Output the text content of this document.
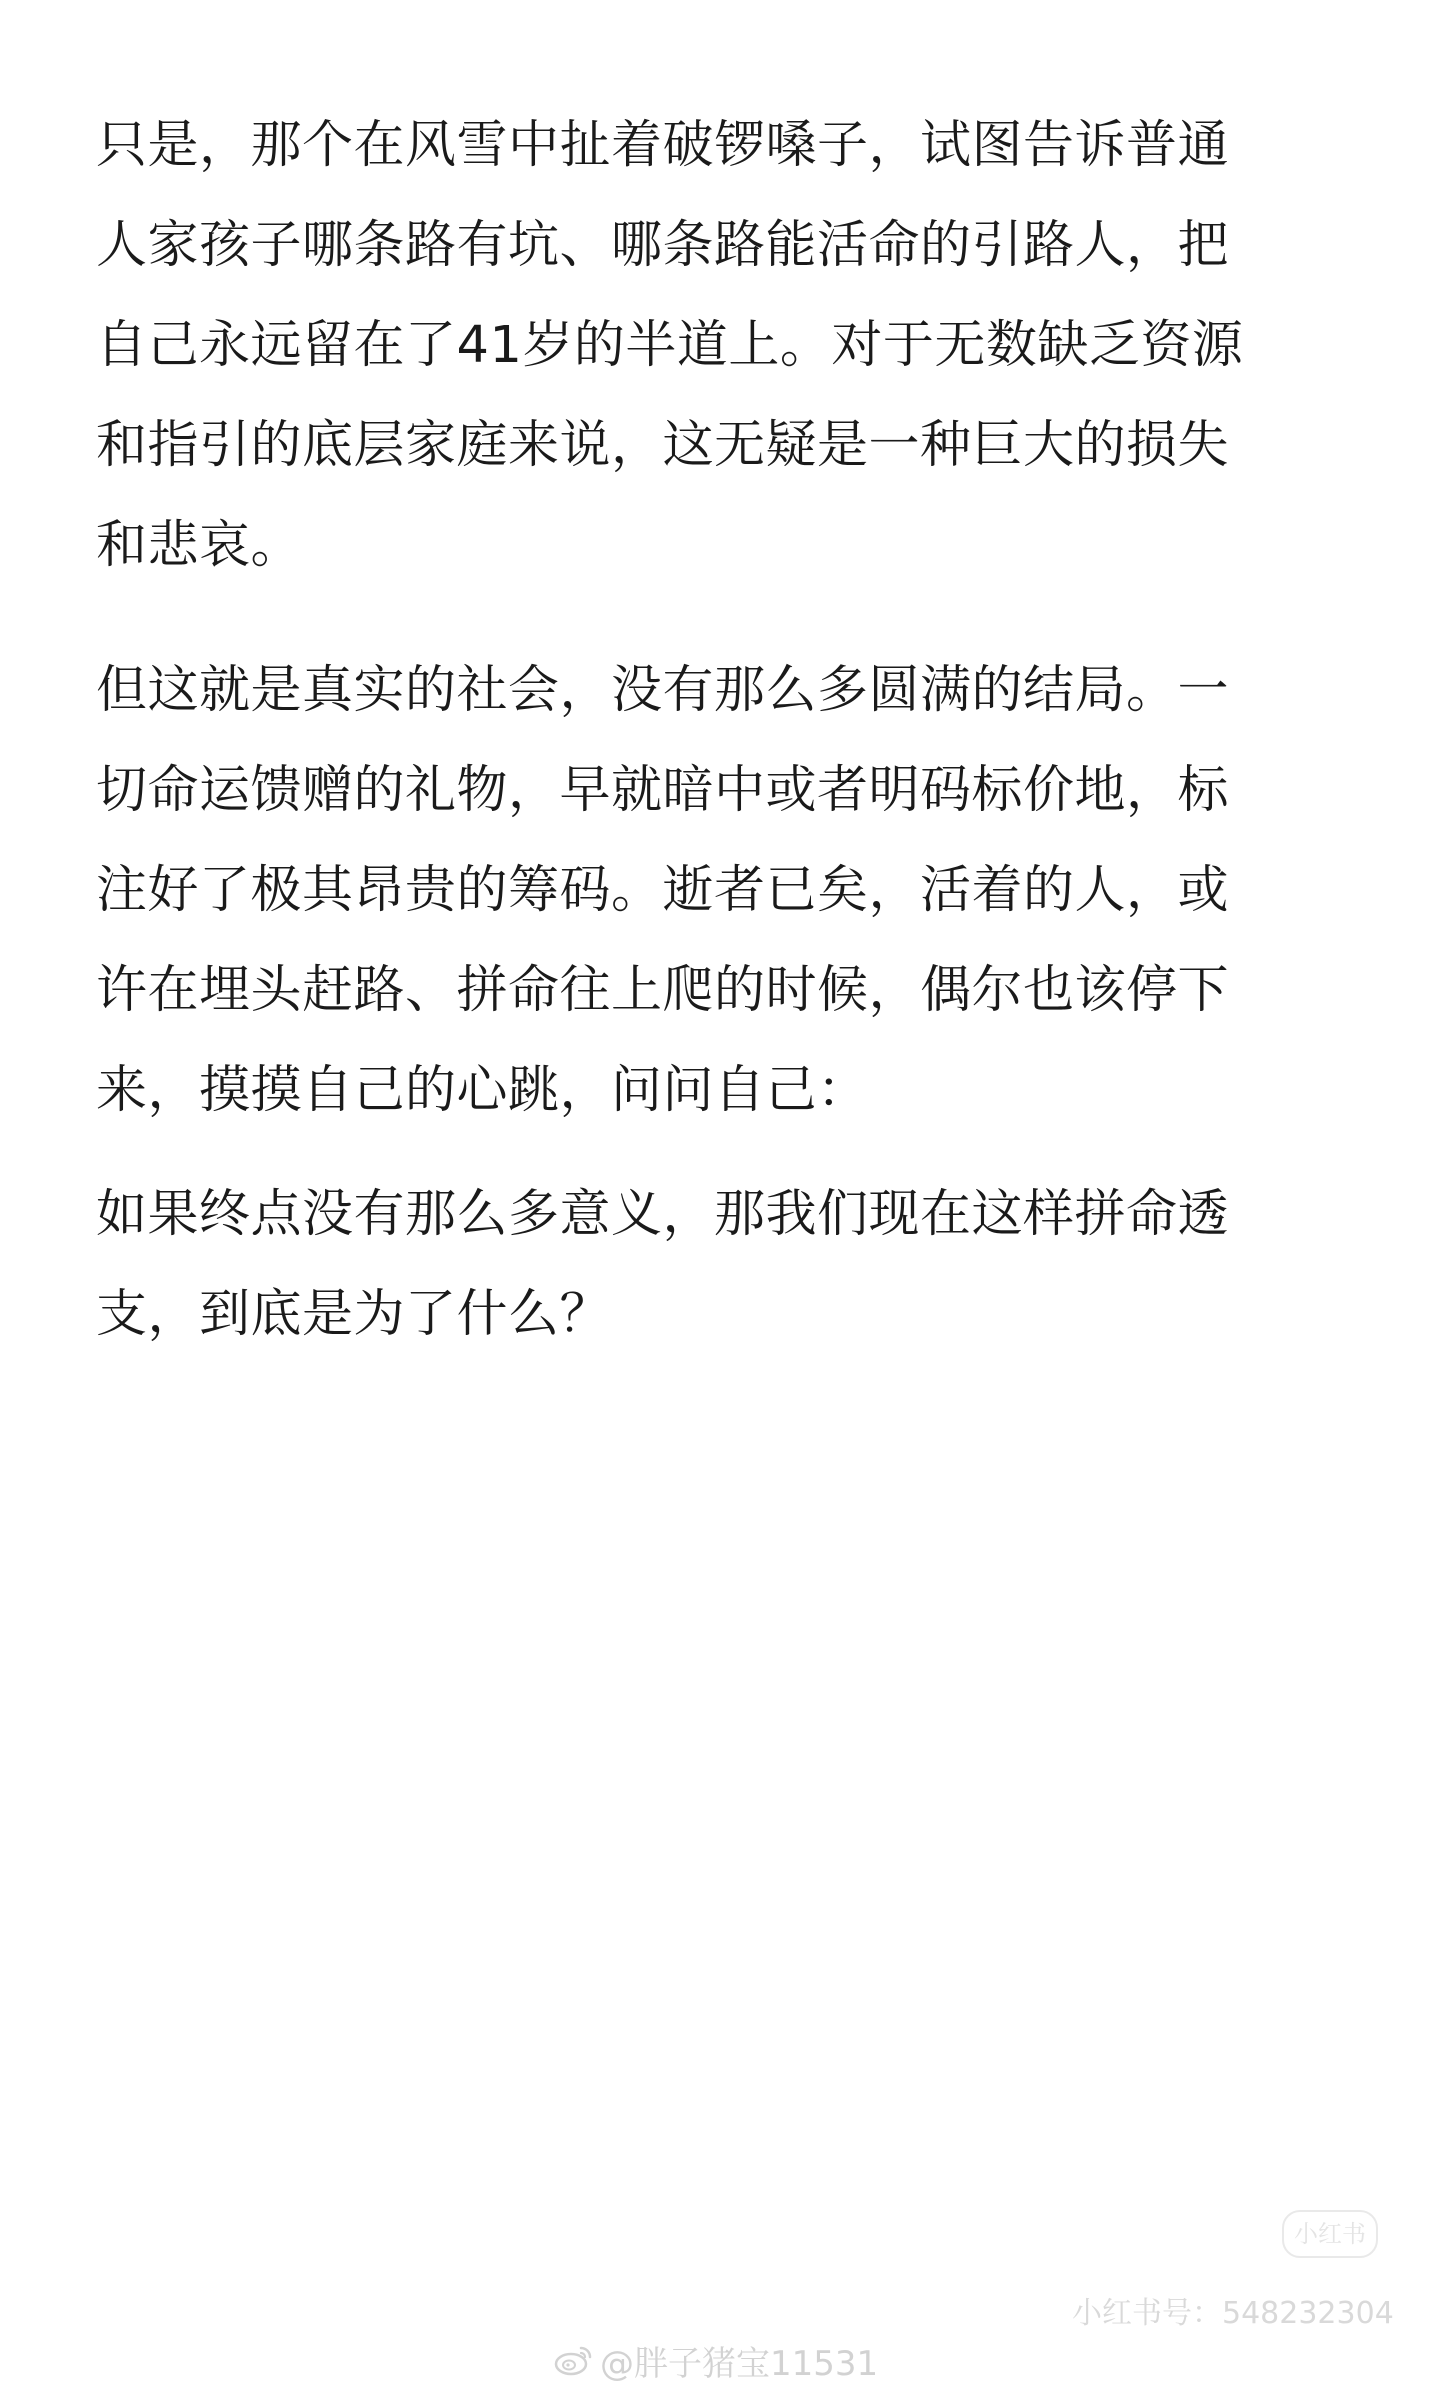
只是，那个在风雪中扯着破锣嗓子，试图告诉普通
人家孩子哪条路有坑、哪条路能活命的引路人，把
自己永远留在了41岁的半道上。对于无数缺乏资源
和指引的底层家庭来说，这无疑是一种巨大的损失
和悲哀。
但这就是真实的社会，没有那么多圆满的结局。一
切命运馈赠的礼物，早就暗中或者明码标价地，标
注好了极其昂贵的筹码。逝者已矣，活着的人，或
许在埋头赶路、拼命往上爬的时候，偶尔也该停下
来，摸摸自己的心跳，问问自己：
如果终点没有那么多意义，那我们现在这样拼命透
支，到底是为了什么？
小红书
小红书号：548232304
@胖子猪宝11531
